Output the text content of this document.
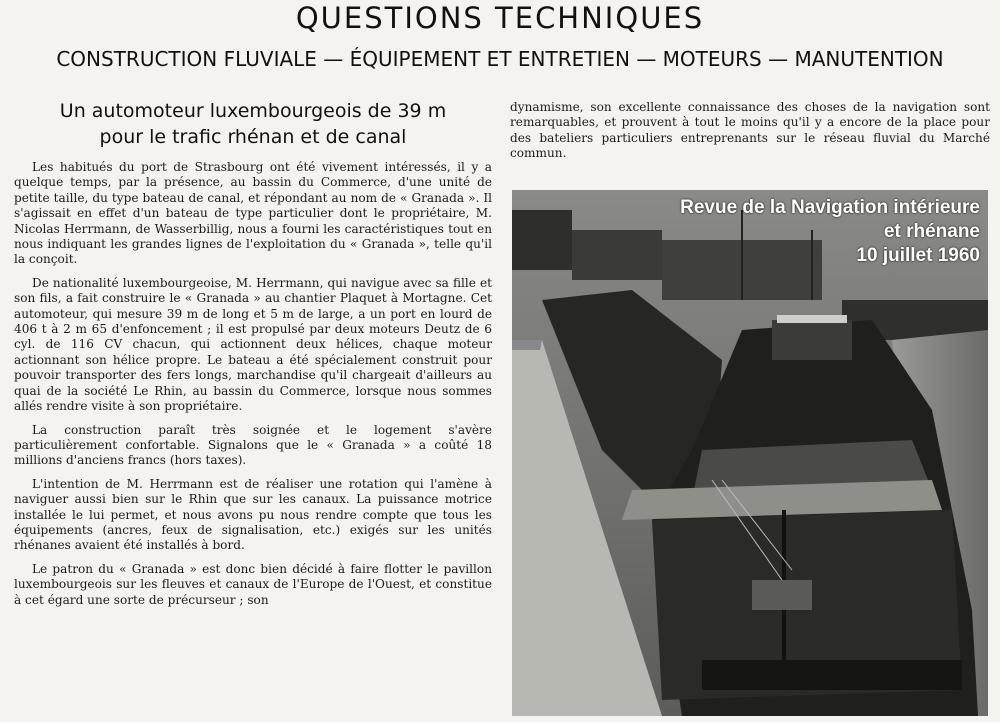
QUESTIONS TECHNIQUES
CONSTRUCTION FLUVIALE — ÉQUIPEMENT ET ENTRETIEN — MOTEURS — MANUTENTION
Un automoteur luxembourgeois de 39 m
pour le trafic rhénan et de canal

Les habitués du port de Strasbourg ont été vivement intéressés, il y a quelque temps, par la présence, au bassin du Commerce, d'une unité de petite taille, du type bateau de canal, et répondant au nom de « Granada ». Il s'agissait en effet d'un bateau de type particulier dont le propriétaire, M. Nicolas Herrmann, de Wasserbillig, nous a fourni les caractéristiques tout en nous indiquant les grandes lignes de l'exploitation du « Granada », telle qu'il la conçoit.

De nationalité luxembourgeoise, M. Herrmann, qui navigue avec sa fille et son fils, a fait construire le « Granada » au chantier Plaquet à Mortagne. Cet automoteur, qui mesure 39 m de long et 5 m de large, a un port en lourd de 406 t à 2 m 65 d'enfoncement ; il est propulsé par deux moteurs Deutz de 6 cyl. de 116 CV chacun, qui actionnent deux hélices, chaque moteur actionnant son hélice propre. Le bateau a été spécialement construit pour pouvoir transporter des fers longs, marchandise qu'il chargeait d'ailleurs au quai de la société Le Rhin, au bassin du Commerce, lorsque nous sommes allés rendre visite à son propriétaire.

La construction paraît très soignée et le logement s'avère particulièrement confortable. Signalons que le « Granada » a coûté 18 millions d'anciens francs (hors taxes).

L'intention de M. Herrmann est de réaliser une rotation qui l'amène à naviguer aussi bien sur le Rhin que sur les canaux. La puissance motrice installée le lui permet, et nous avons pu nous rendre compte que tous les équipements (ancres, feux de signalisation, etc.) exigés sur les unités rhénanes avaient été installés à bord.

Le patron du « Granada » est donc bien décidé à faire flotter le pavillon luxembourgeois sur les fleuves et canaux de l'Europe de l'Ouest, et constitue à cet égard une sorte de précurseur ; son

dynamisme, son excellente connaissance des choses de la navigation sont remarquables, et prouvent à tout le moins qu'il y a encore de la place pour des bateliers particuliers entreprenants sur le réseau fluvial du Marché commun.

Revue de la Navigation intérieure
et rhénane
10 juillet 1960
